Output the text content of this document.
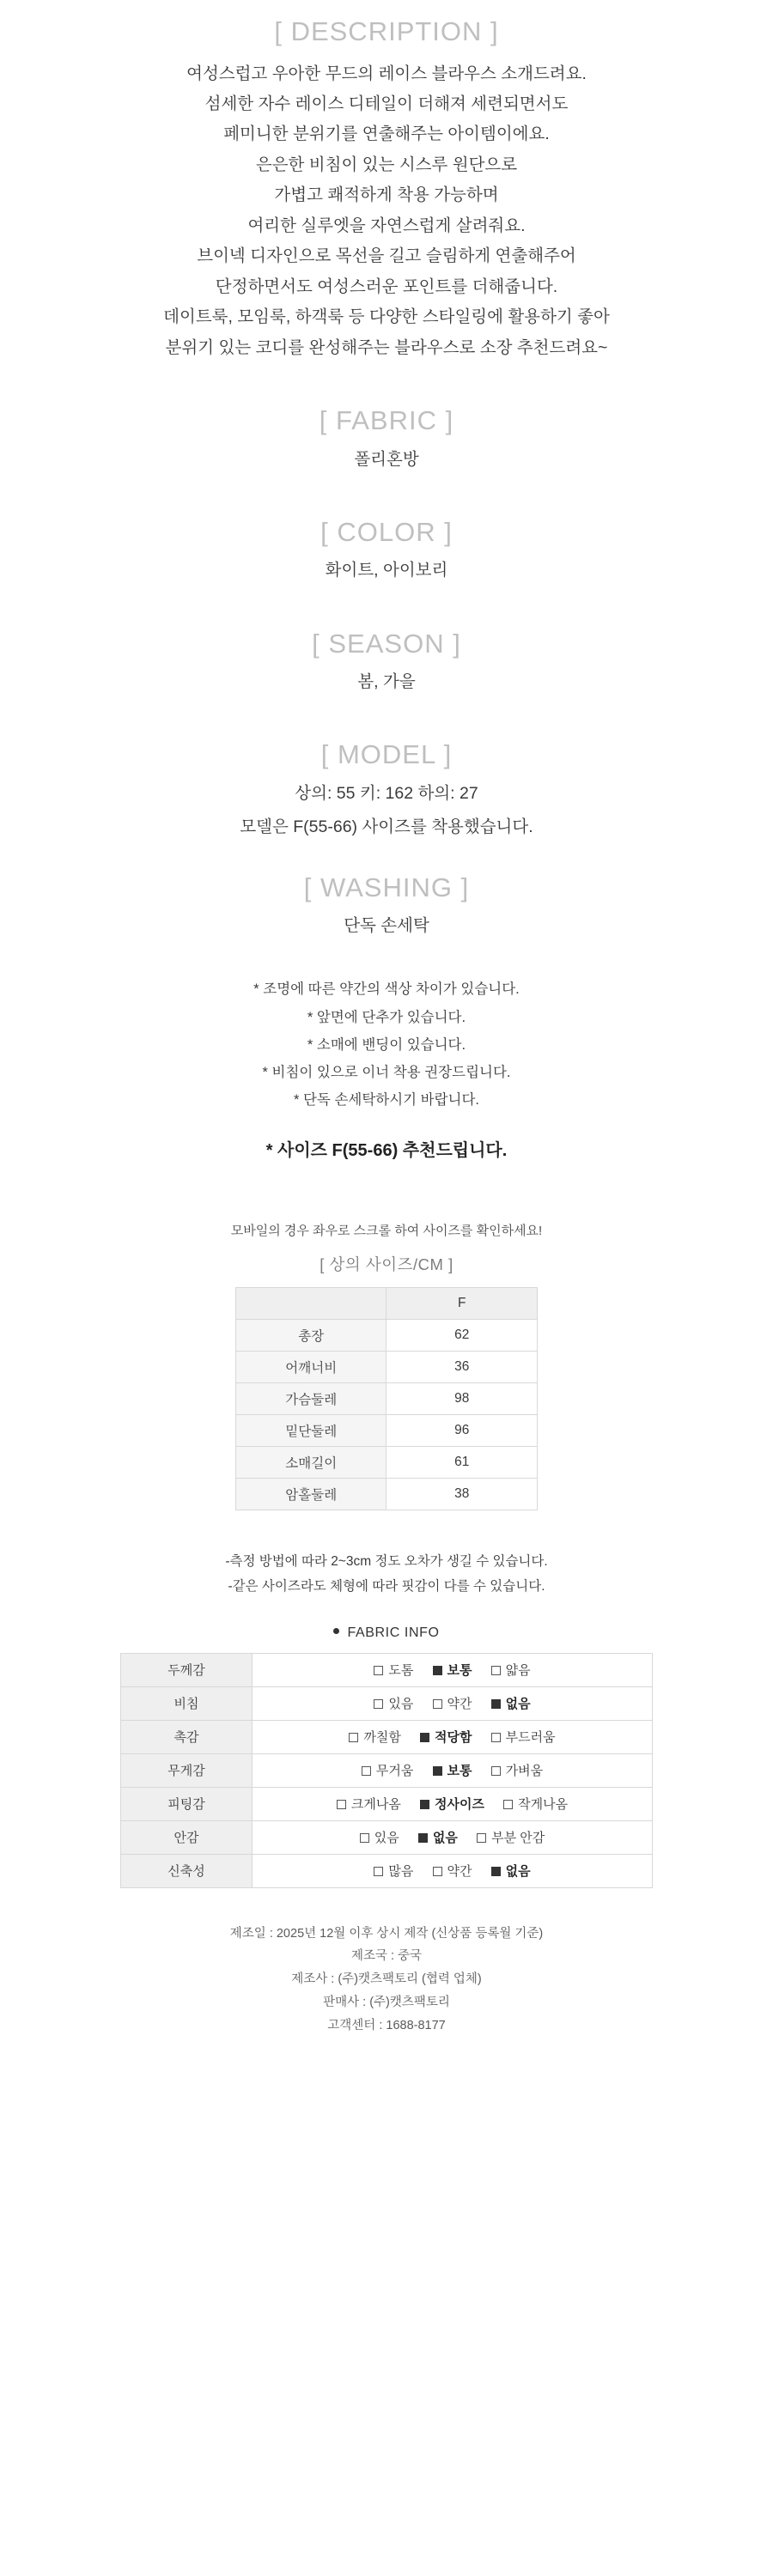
[ DESCRIPTION ]
여성스럽고 우아한 무드의 레이스 블라우스 소개드려요.
섬세한 자수 레이스 디테일이 더해져 세련되면서도
페미니한 분위기를 연출해주는 아이템이에요.
은은한 비침이 있는 시스루 원단으로
가볍고 쾌적하게 착용 가능하며
여리한 실루엣을 자연스럽게 살려줘요.
브이넥 디자인으로 목선을 길고 슬림하게 연출해주어
단정하면서도 여성스러운 포인트를 더해줍니다.
데이트룩, 모임룩, 하객룩 등 다양한 스타일링에 활용하기 좋아
분위기 있는 코디를 완성해주는 블라우스로 소장 추천드려요~
[ FABRIC ]
폴리혼방
[ COLOR ]
화이트, 아이보리
[ SEASON ]
봄, 가을
[ MODEL ]
상의: 55 키: 162 하의: 27
모델은 F(55-66) 사이즈를 착용했습니다.
[ WASHING ]
단독 손세탁
* 조명에 따른 약간의 색상 차이가 있습니다.
* 앞면에 단추가 있습니다.
* 소매에 밴딩이 있습니다.
* 비침이 있으로 이너 착용 권장드립니다.
* 단독 손세탁하시기 바랍니다.
* 사이즈 F(55-66) 추천드립니다.
모바일의 경우 좌우로 스크롤 하여 사이즈를 확인하세요!
[ 상의 사이즈/CM ]
	F
총장	62
어깨너비	36
가슴둘레	98
밑단둘레	96
소매길이	61
암홀둘레	38
-측정 방법에 따라 2~3cm 정도 오차가 생길 수 있습니다.
-같은 사이즈라도 체형에 따라 핏감이 다를 수 있습니다.
FABRIC INFO
두께감	도톰 보통 얇음
비침	있음 약간 없음
촉감	까칠함 적당함 부드러움
무게감	무거움 보통 가벼움
피팅감	크게나옴 정사이즈 작게나옴
안감	있음 없음 부분 안감
신축성	많음 약간 없음
제조일 : 2025년 12월 이후 상시 제작 (신상품 등록월 기준)
제조국 : 중국
제조사 : (주)캣츠팩토리 (협력 업체)
판매사 : (주)캣츠팩토리
고객센터 : 1688-8177
